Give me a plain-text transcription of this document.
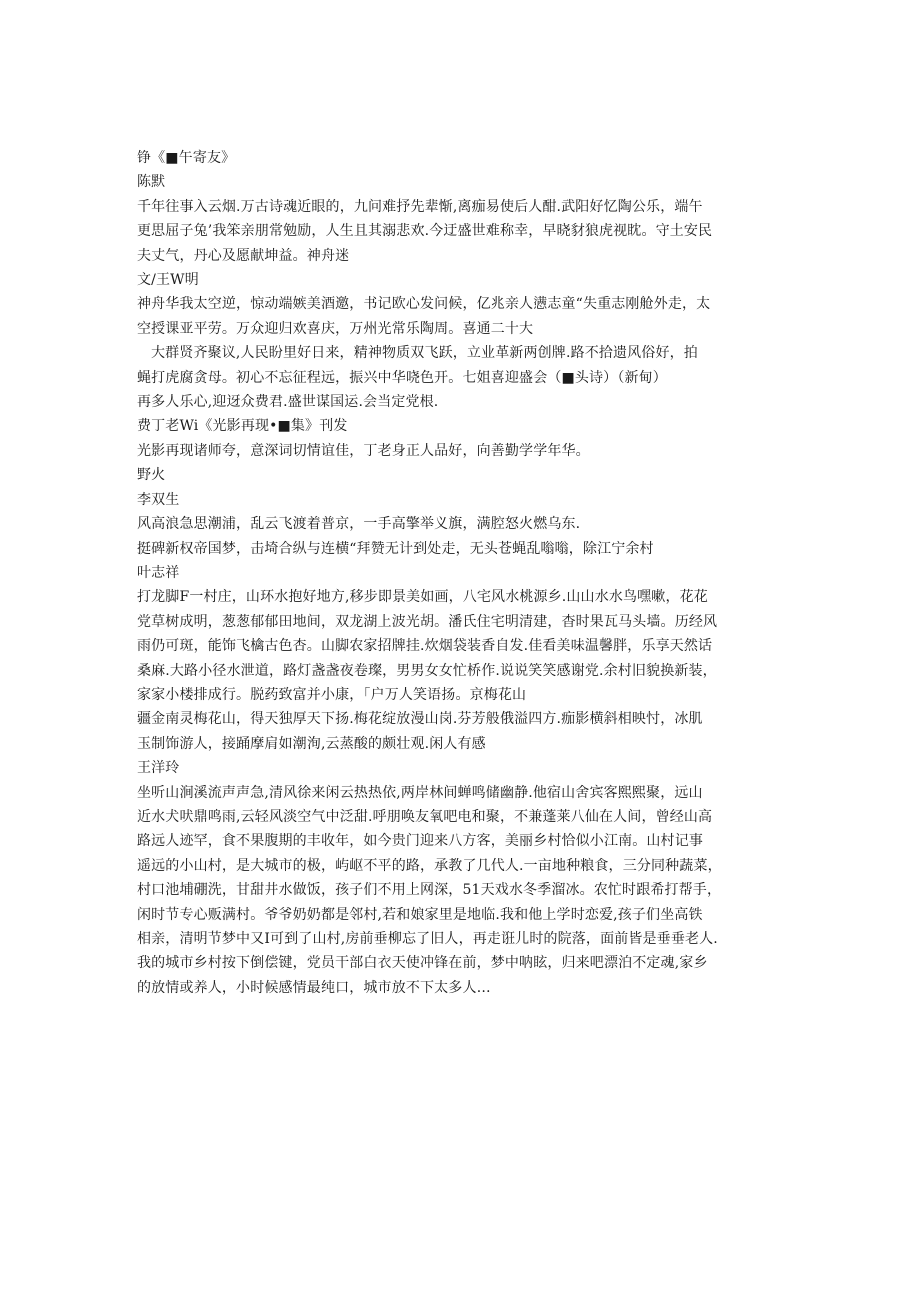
铮《■午寄友》
陈默
千年往事入云烟.万古诗魂近眼的，九问难抒先辈惭,离痂易使后人酣.武阳好忆陶公乐，端午
更思屈子兔’我笨亲朋常勉励，人生且其溺悲欢.今迂盛世难称幸，早晓豺狼虎视眈。守土安民
夫丈气，丹心及愿献坤益。神舟迷
文/王W明
神舟华我太空逆，惊动端嫉美酒邀，书记欧心发问候，亿兆亲人懑志童“失重志刚舱外走，太
空授课亚平劳。万众迎归欢喜庆，万州光常乐陶周。喜通二十大
大群贤齐聚议,人民盼里好日来，精神物质双飞跃，立业革新两创牌.路不拾遗风俗好，拍
蝇打虎腐贪母。初心不忘征程远，振兴中华哓色开。七姐喜迎盛会（■头诗）（新甸）
再多人乐心,迎迓众费君.盛世谋国运.会当定党根.
费丁老Wi《光影再现•■集》刊发
光影再现诸师夸，意深词切情谊佳，丁老身正人品好，向善勤学学年华。
野火
李双生
风高浪急思潮浦，乱云飞渡着普京，一手高擎举义旗，满腔怒火燃乌东.
挺碑新权帝国梦，击埼合纵与连横“拜赞无计到处走，无头苍蝇乱嗡嗡，除江宁余村
叶志祥
打龙脚F一村庄，山环水抱好地方,移步即景美如画，八宅风水桃源乡.山山水水鸟嘿嗽，花花
党草树成明，葱葱郁郁田地间，双龙湖上波光胡。潘氏住宅明清建，杳时果瓦马头墙。历经风
雨仍可斑，能饰飞檎古色杏。山脚农家招牌挂.炊烟袋装香自发.佳看美味温馨胖，乐享天然话
桑麻.大路小径水泄道，路灯盏盏夜卷璨，男男女女忙桥作.说说笑笑感谢党.余村旧貌换新装，
家家小楼排成行。脱药致富并小康，「户万人笑语扬。京梅花山
疆金南灵梅花山，得天独厚天下扬.梅花绽放漫山岗.芬芳般俄溢四方.痂影横斜相映忖，冰肌
玉制饰游人，接踊摩肩如潮洵,云蒸酸的颇壮观.闲人有感
王洋玲
坐听山涧溪流声声急,清风徐来闲云热热依,两岸林间蝉鸣储幽静.他宿山舍宾客熙熙聚，远山
近水犬吠鼎鸣雨,云轻风淡空气中泛甜.呼朋唤友氧吧电和聚，不兼蓬莱八仙在人间，曾经山高
路远人迹罕，食不果腹期的丰收年，如今贵门迎来八方客，美丽乡村恰似小江南。山村记事
遥远的小山村，是大城市的极，屿岖不平的路，承教了几代人.一亩地种粮食，三分同种蔬菜，
村口池埔硼洗，甘甜井水做饭，孩子们不用上网深，51天戏水冬季溜冰。农忙时跟希打帮手，
闲时节专心贩满村。爷爷奶奶都是邻村,若和娘家里是地临.我和他上学时恋爱,孩子们坐高铁
相亲，清明节梦中又I可到了山村,房前垂柳忘了旧人，再走诳儿时的院落，面前皆是垂垂老人.
我的城市乡村按下倒偿键，党员干部白衣天使冲锋在前，梦中呐眩，归来吧漂泊不定魂,家乡
的放情或养人，小时候感情最纯口，城市放不下太多人…
